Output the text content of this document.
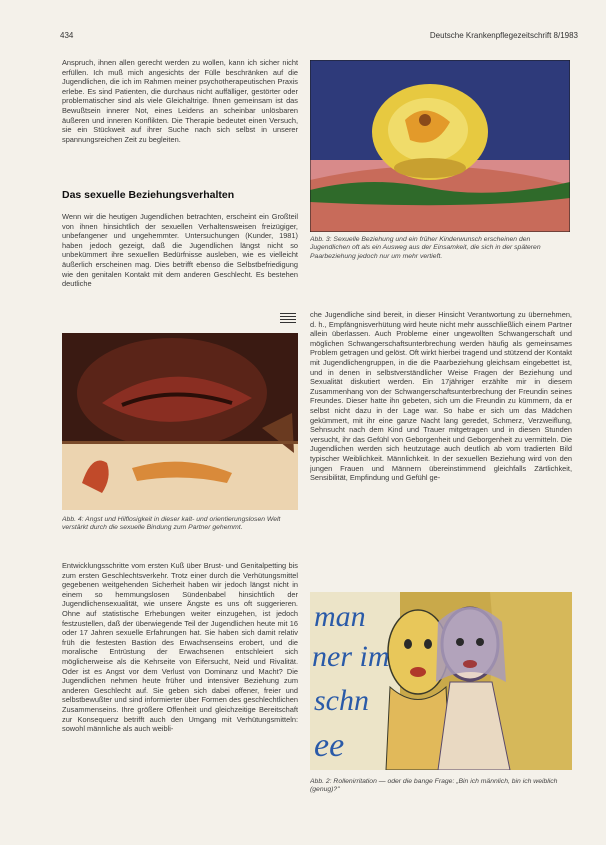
434	Deutsche Krankenpflegezeitschrift 8/1983
Anspruch, ihnen allen gerecht werden zu wollen, kann ich sicher nicht erfüllen. Ich muß mich angesichts der Fülle beschränken auf die Jugendlichen, die ich im Rahmen meiner psychotherapeutischen Praxis erlebe. Es sind Patienten, die durchaus nicht auffälliger, gestörter oder problematischer sind als viele Gleichaltrige. Ihnen gemeinsam ist das Bewußtsein innerer Not, eines Leidens an scheinbar unlösbaren äußeren und inneren Konflikten. Die Therapie bedeutet einen Versuch, sie ein Stückweit auf ihrer Suche nach sich selbst in unserer spannungsreichen Zeit zu begleiten.
Das sexuelle Beziehungsverhalten
Wenn wir die heutigen Jugendlichen betrachten, erscheint ein Großteil von ihnen hinsichtlich der sexuellen Verhaltensweisen freizügiger, unbefangener und ungehemmter. Untersuchungen (Kunder, 1981) haben jedoch gezeigt, daß die Jugendlichen längst nicht so unbekümmert ihre sexuellen Bedürfnisse ausleben, wie es vielleicht äußerlich erscheinen mag. Dies betrifft ebenso die Selbstbefriedigung wie den genitalen Kontakt mit dem anderen Geschlecht. Es bestehen deutliche
Abb. 4: Angst und Hilflosigkeit in dieser kalt- und orientierungslosen Welt verstärkt durch die sexuelle Bindung zum Partner gehemmt.
Entwicklungsschritte vom ersten Kuß über Brust- und Genitalpetting bis zum ersten Geschlechtsverkehr. Trotz einer durch die Verhütungsmittel gegebenen weitgehenden Sicherheit haben wir jedoch längst nicht in einem so hemmungslosen Sündenbabel hinsichtlich der Jugendlichensexualität, wie unsere Ängste es uns oft suggerieren. Ohne auf statistische Erhebungen weiter einzugehen, ist jedoch festzustellen, daß der überwiegende Teil der Jugendlichen heute mit 16 oder 17 Jahren sexuelle Erfahrungen hat. Sie haben sich damit relativ früh die festesten Bastion des Erwachsenseins erobert, und die moralische Entrüstung der Erwachsenen entschleiert sich möglicherweise als die Kehrseite von Eifersucht, Neid und Rivalität. Oder ist es Angst vor dem Verlust von Dominanz und Macht? Die Jugendlichen nehmen heute früher und intensiver Beziehung zum anderen Geschlecht auf. Sie geben sich dabei offener, freier und selbstbewußter und sind informierter über Formen des geschlechtlichen Zusammenseins. Ihre größere Offenheit und gleichzeitige Bereitschaft zur Konsequenz betrifft auch den Umgang mit Verhütungsmitteln: sowohl männliche als auch weibli-
Abb. 3: Sexuelle Beziehung und ein früher Kinderwunsch erscheinen den Jugendlichen oft als ein Ausweg aus der Einsamkeit, die sich in der späteren Paarbeziehung jedoch nur um mehr vertieft.
che Jugendliche sind bereit, in dieser Hinsicht Verantwortung zu übernehmen, d. h., Empfängnisverhütung wird heute nicht mehr ausschließlich einem Partner allein überlassen. Auch Probleme einer ungewollten Schwangerschaft und möglichen Schwangerschaftsunterbrechung werden häufig als gemeinsames Problem getragen und gelöst. Oft wirkt hierbei tragend und stützend der Kontakt mit Jugendlichengruppen, in die die Paarbeziehung gleichsam eingebettet ist, und in denen in selbstverständlicher Weise Fragen der Beziehung und Sexualität diskutiert werden. Ein 17jähriger erzählte mir in diesem Zusammenhang von der Schwangerschaftsunterbrechung der Freundin seines Freundes. Dieser hatte ihn gebeten, sich um die Freundin zu kümmern, da er selbst nicht dazu in der Lage war. So habe er sich um das Mädchen gekümmert, mit ihr eine ganze Nacht lang geredet, Schmerz, Verzweiflung, Sehnsucht nach dem Kind und Trauer mitgetragen und in diesen Stunden versucht, ihr das Gefühl von Geborgenheit und Geborgenheit zu vermitteln. Die Jugendlichen werden sich heutzutage auch deutlich ab vom tradierten Bild typischer Weiblichkeit. Männlichkeit. In der sexuellen Beziehung wird von den jungen Frauen und Männern übereinstimmend gleichfalls Zärtlichkeit, Sensibilität, Empfindung und Gefühl ge-
man
ner im
schn
ee
Abb. 2: Rollenirritation — oder die bange Frage: „Bin ich männlich, bin ich weiblich (genug)?"
